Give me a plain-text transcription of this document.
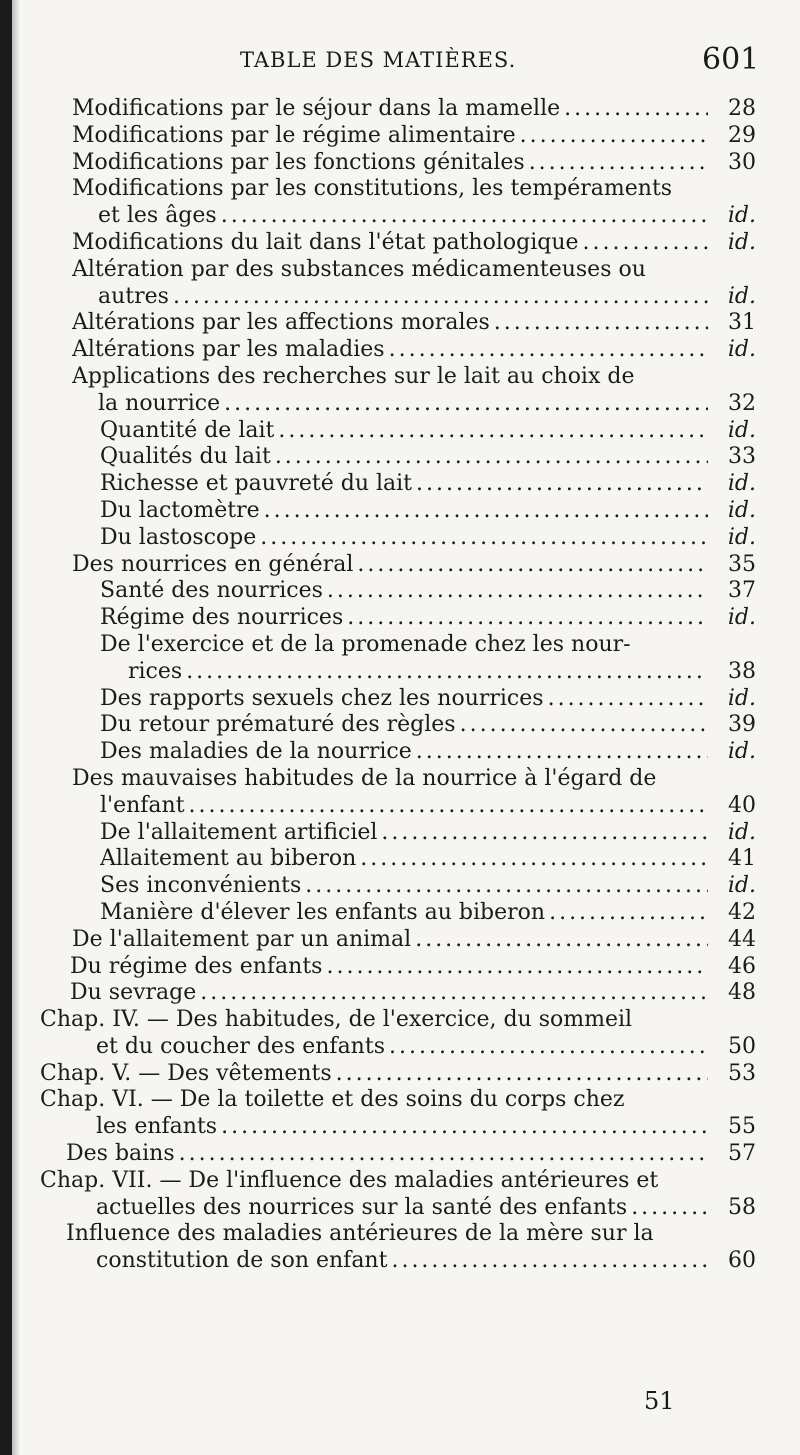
TABLE DES MATIÈRES.	601
Modifications par le séjour dans la mamelle .....	28
Modifications par le régime alimentaire .....	29
Modifications par les fonctions génitales .....	30
Modifications par les constitutions, les tempéraments
et les âges .....	id.
Modifications du lait dans l'état pathologique .....	id.
Altération par des substances médicamenteuses ou
autres .....	id.
Altérations par les affections morales .....	31
Altérations par les maladies .....	id.
Applications des recherches sur le lait au choix de
la nourrice .....	32
Quantité de lait .....	id.
Qualités du lait .....	33
Richesse et pauvreté du lait .....	id.
Du lactomètre .....	id.
Du lastoscope .....	id.
Des nourrices en général .....	35
Santé des nourrices .....	37
Régime des nourrices .....	id.
De l'exercice et de la promenade chez les nour-
rices .....	38
Des rapports sexuels chez les nourrices .....	id.
Du retour prématuré des règles .....	39
Des maladies de la nourrice .....	id.
Des mauvaises habitudes de la nourrice à l'égard de
l'enfant .....	40
De l'allaitement artificiel .....	id.
Allaitement au biberon .....	41
Ses inconvénients .....	id.
Manière d'élever les enfants au biberon .....	42
De l'allaitement par un animal .....	44
Du régime des enfants .....	46
Du sevrage .....	48
Chap. IV. — Des habitudes, de l'exercice, du sommeil
et du coucher des enfants .....	50
Chap. V. — Des vêtements .....	53
Chap. VI. — De la toilette et des soins du corps chez
les enfants .....	55
Des bains .....	57
Chap. VII. — De l'influence des maladies antérieures et
actuelles des nourrices sur la santé des enfants .....	58
Influence des maladies antérieures de la mère sur la
constitution de son enfant .....	60
51
